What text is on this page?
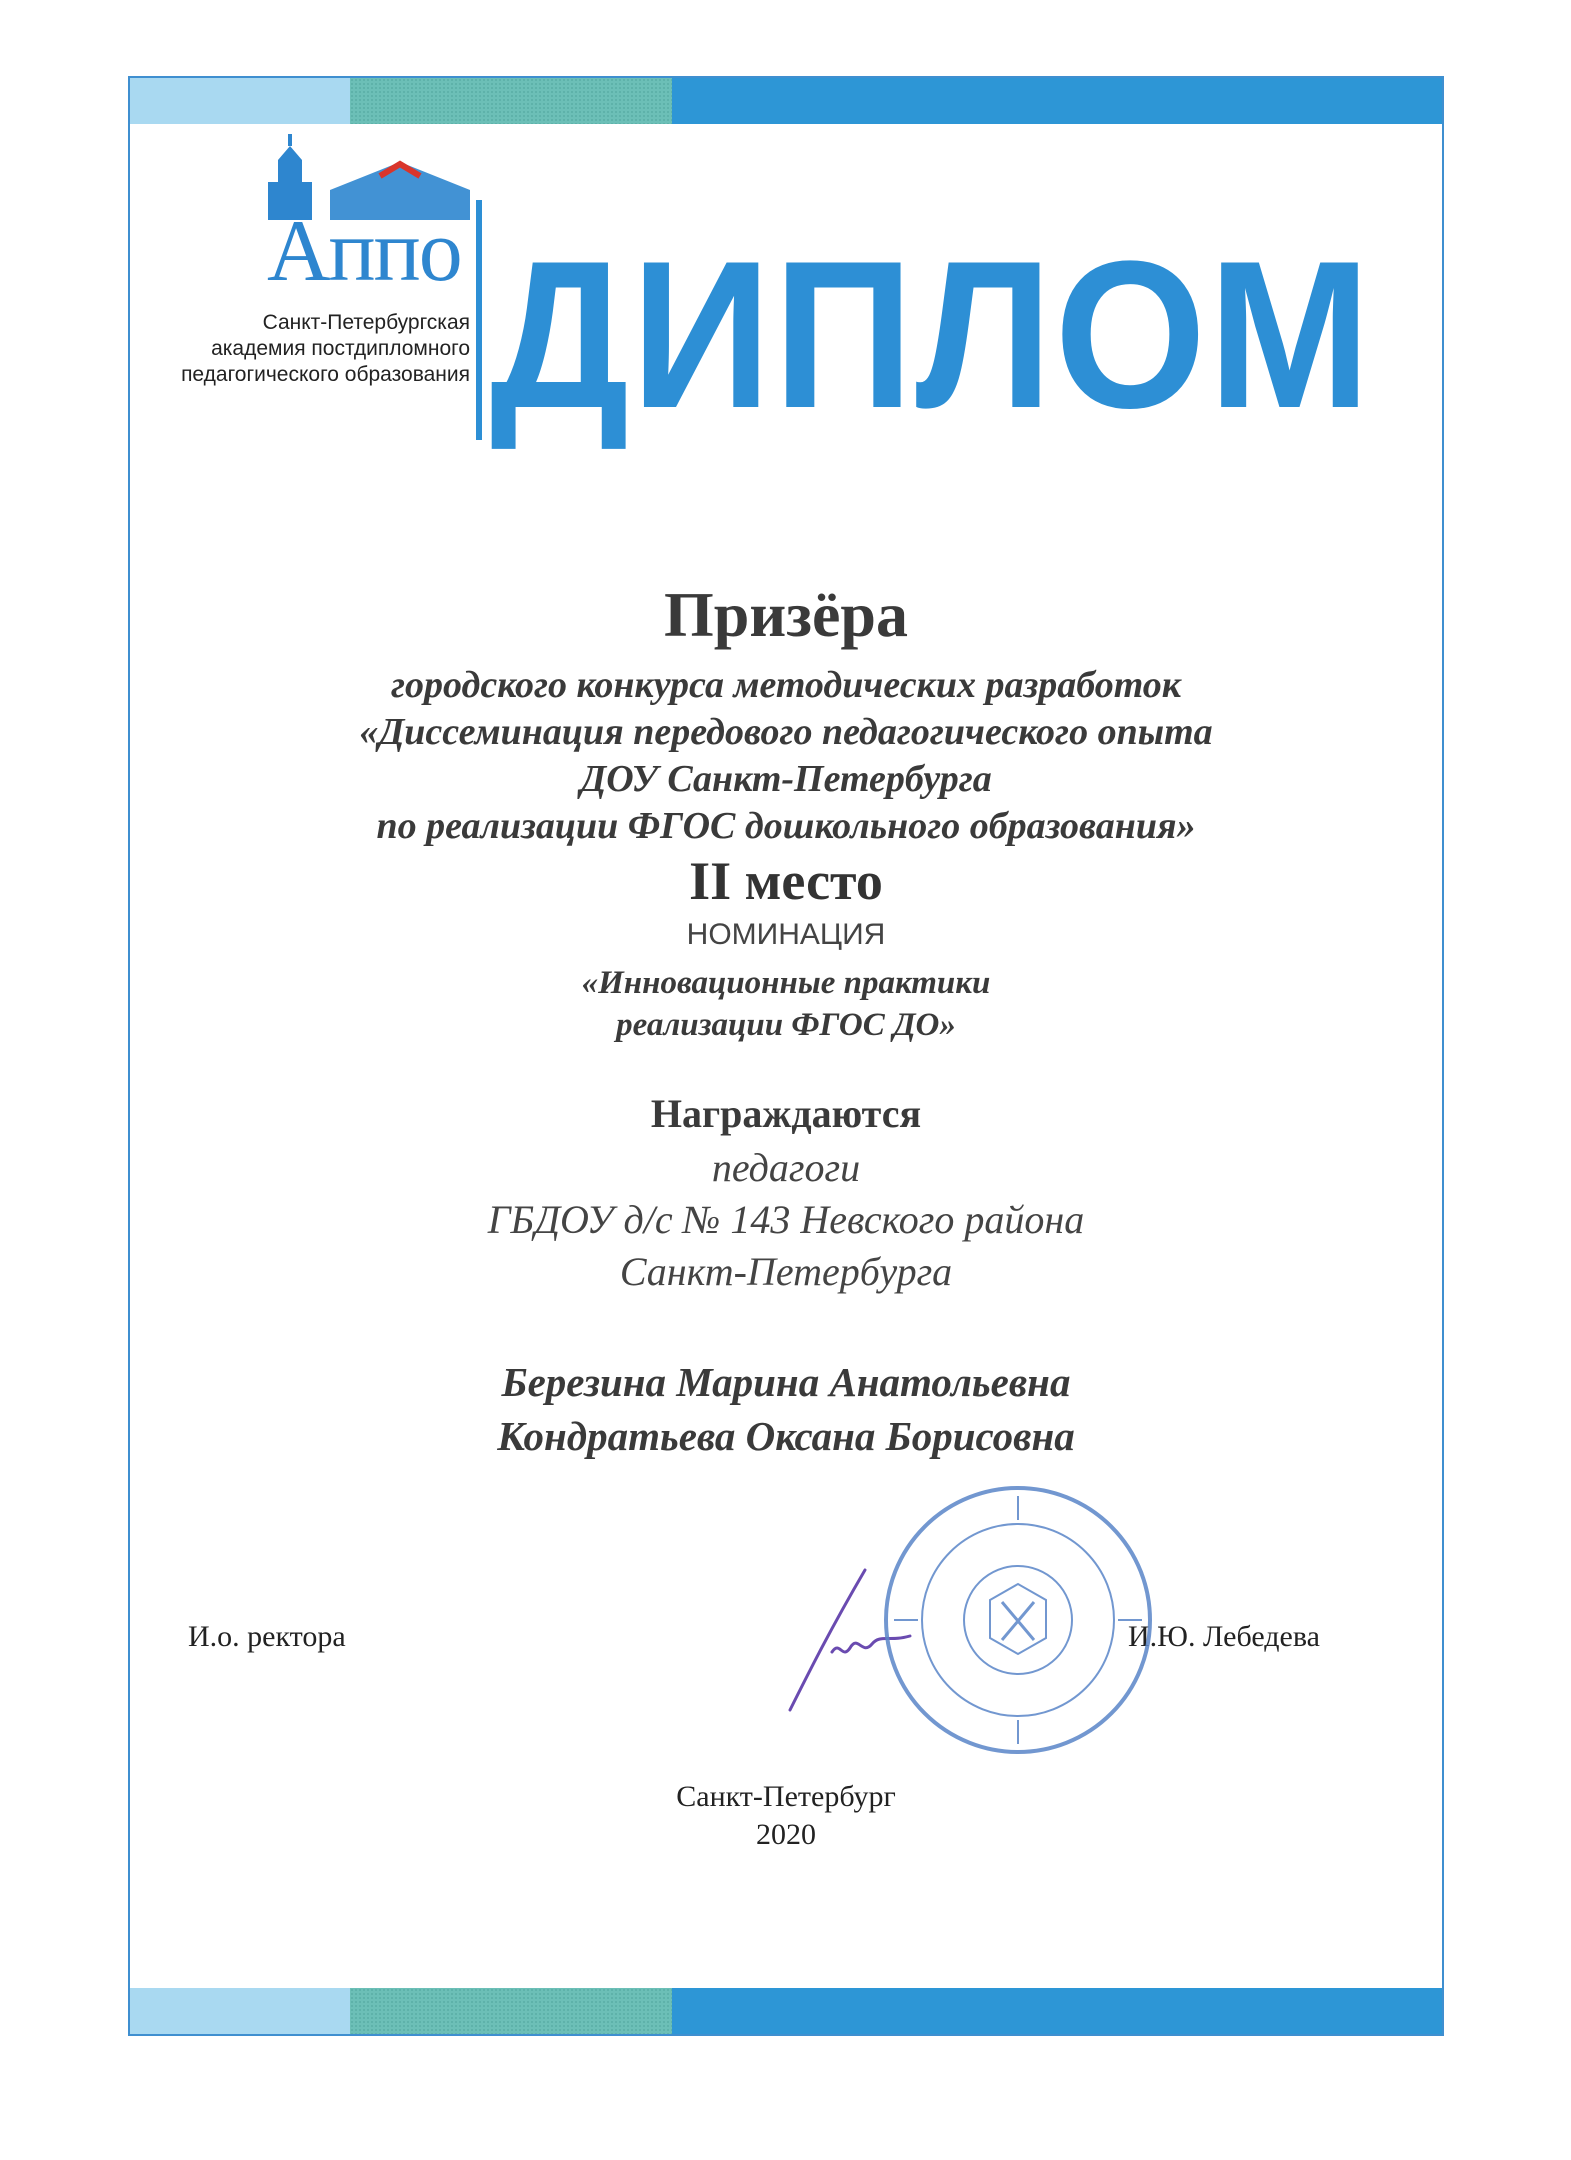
Аппо
Санкт-Петербургская
академия постдипломного
педагогического образования ДИПЛОМ
Призёра
городского конкурса методических разработок
«Диссеминация передового педагогического опыта
ДОУ Санкт-Петербурга
по реализации ФГОС дошкольного образования»
II место
НОМИНАЦИЯ
«Инновационные практики
реализации ФГОС ДО»
Награждаются
педагоги
ГБДОУ д/с № 143 Невского района
Санкт-Петербурга
Березина Марина Анатольевна
Кондратьева Оксана Борисовна
И.о. ректора	И.Ю. Лебедева
Санкт-Петербург
2020
